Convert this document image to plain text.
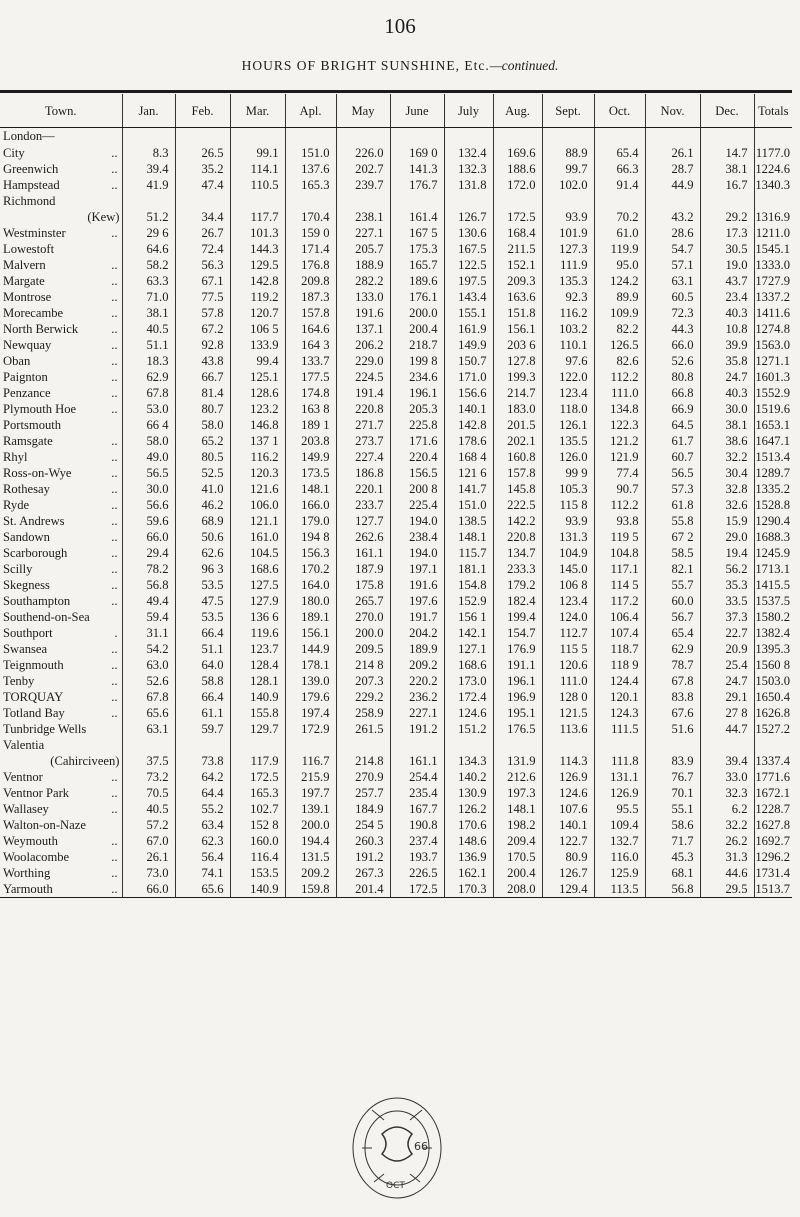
106
HOURS OF BRIGHT SUNSHINE, Etc.—continued.
Town.	Jan.	Feb.	Mar.	Apl.	May	June	July	Aug.	Sept.	Oct.	Nov.	Dec.	Totals
London—													

..
City	8.3	26.5	99.1	151.0	226.0	169 0	132.4	169.6	88.9	65.4	26.1	14.7	1177.0

..
Greenwich	39.4	35.2	114.1	137.6	202.7	141.3	132.3	188.6	99.7	66.3	28.7	38.1	1224.6

..
Hampstead	41.9	47.4	110.5	165.3	239.7	176.7	131.8	172.0	102.0	91.4	44.9	16.7	1340.3
Richmond													
(Kew)	51.2	34.4	117.7	170.4	238.1	161.4	126.7	172.5	93.9	70.2	43.2	29.2	1316.9

..
Westminster	29 6	26.7	101.3	159 0	227.1	167 5	130.6	168.4	101.9	61.0	28.6	17.3	1211.0
Lowestoft	64.6	72.4	144.3	171.4	205.7	175.3	167.5	211.5	127.3	119.9	54.7	30.5	1545.1

..
Malvern	58.2	56.3	129.5	176.8	188.9	165.7	122.5	152.1	111.9	95.0	57.1	19.0	1333.0

..
Margate	63.3	67.1	142.8	209.8	282.2	189.6	197.5	209.3	135.3	124.2	63.1	43.7	1727.9

..
Montrose	71.0	77.5	119.2	187.3	133.0	176.1	143.4	163.6	92.3	89.9	60.5	23.4	1337.2

..
Morecambe	38.1	57.8	120.7	157.8	191.6	200.0	155.1	151.8	116.2	109.9	72.3	40.3	1411.6

..
North Berwick	40.5	67.2	106 5	164.6	137.1	200.4	161.9	156.1	103.2	82.2	44.3	10.8	1274.8

..
Newquay	51.1	92.8	133.9	164 3	206.2	218.7	149.9	203 6	110.1	126.5	66.0	39.9	1563.0

..
Oban	18.3	43.8	99.4	133.7	229.0	199 8	150.7	127.8	97.6	82.6	52.6	35.8	1271.1

..
Paignton	62.9	66.7	125.1	177.5	224.5	234.6	171.0	199.3	122.0	112.2	80.8	24.7	1601.3

..
Penzance	67.8	81.4	128.6	174.8	191.4	196.1	156.6	214.7	123.4	111.0	66.8	40.3	1552.9

..
Plymouth Hoe	53.0	80.7	123.2	163 8	220.8	205.3	140.1	183.0	118.0	134.8	66.9	30.0	1519.6
Portsmouth	66 4	58.0	146.8	189 1	271.7	225.8	142.8	201.5	126.1	122.3	64.5	38.1	1653.1

..
Ramsgate	58.0	65.2	137 1	203.8	273.7	171.6	178.6	202.1	135.5	121.2	61.7	38.6	1647.1

..
Rhyl	49.0	80.5	116.2	149.9	227.4	220.4	168 4	160.8	126.0	121.9	60.7	32.2	1513.4

..
Ross-on-Wye	56.5	52.5	120.3	173.5	186.8	156.5	121 6	157.8	99 9	77.4	56.5	30.4	1289.7

..
Rothesay	30.0	41.0	121.6	148.1	220.1	200 8	141.7	145.8	105.3	90.7	57.3	32.8	1335.2

..
Ryde	56.6	46.2	106.0	166.0	233.7	225.4	151.0	222.5	115 8	112.2	61.8	32.6	1528.8

..
St. Andrews	59.6	68.9	121.1	179.0	127.7	194.0	138.5	142.2	93.9	93.8	55.8	15.9	1290.4

..
Sandown	66.0	50.6	161.0	194 8	262.6	238.4	148.1	220.8	131.3	119 5	67 2	29.0	1688.3

..
Scarborough	29.4	62.6	104.5	156.3	161.1	194.0	115.7	134.7	104.9	104.8	58.5	19.4	1245.9

..
Scilly	78.2	96 3	168.6	170.2	187.9	197.1	181.1	233.3	145.0	117.1	82.1	56.2	1713.1

..
Skegness	56.8	53.5	127.5	164.0	175.8	191.6	154.8	179.2	106 8	114 5	55.7	35.3	1415.5

..
Southampton	49.4	47.5	127.9	180.0	265.7	197.6	152.9	182.4	123.4	117.2	60.0	33.5	1537.5
Southend-on-Sea	59.4	53.5	136 6	189.1	270.0	191.7	156 1	199.4	124.0	106.4	56.7	37.3	1580.2

.
Southport	31.1	66.4	119.6	156.1	200.0	204.2	142.1	154.7	112.7	107.4	65.4	22.7	1382.4

..
Swansea	54.2	51.1	123.7	144.9	209.5	189.9	127.1	176.9	115 5	118.7	62.9	20.9	1395.3

..
Teignmouth	63.0	64.0	128.4	178.1	214 8	209.2	168.6	191.1	120.6	118 9	78.7	25.4	1560 8

..
Tenby	52.6	58.8	128.1	139.0	207.3	220.2	173.0	196.1	111.0	124.4	67.8	24.7	1503.0

..
TORQUAY	67.8	66.4	140.9	179.6	229.2	236.2	172.4	196.9	128 0	120.1	83.8	29.1	1650.4

..
Totland Bay	65.6	61.1	155.8	197.4	258.9	227.1	124.6	195.1	121.5	124.3	67.6	27 8	1626.8
Tunbridge Wells	63.1	59.7	129.7	172.9	261.5	191.2	151.2	176.5	113.6	111.5	51.6	44.7	1527.2
Valentia													
(Cahirciveen)	37.5	73.8	117.9	116.7	214.8	161.1	134.3	131.9	114.3	111.8	83.9	39.4	1337.4

..
Ventnor	73.2	64.2	172.5	215.9	270.9	254.4	140.2	212.6	126.9	131.1	76.7	33.0	1771.6

..
Ventnor Park	70.5	64.4	165.3	197.7	257.7	235.4	130.9	197.3	124.6	126.9	70.1	32.3	1672.1

..
Wallasey	40.5	55.2	102.7	139.1	184.9	167.7	126.2	148.1	107.6	95.5	55.1	6.2	1228.7
Walton-on-Naze	57.2	63.4	152 8	200.0	254 5	190.8	170.6	198.2	140.1	109.4	58.6	32.2	1627.8

..
Weymouth	67.0	62.3	160.0	194.4	260.3	237.4	148.6	209.4	122.7	132.7	71.7	26.2	1692.7

..
Woolacombe	26.1	56.4	116.4	131.5	191.2	193.7	136.9	170.5	80.9	116.0	45.3	31.3	1296.2

..
Worthing	73.0	74.1	153.5	209.2	267.3	226.5	162.1	200.4	126.7	125.9	68.1	44.6	1731.4

..
Yarmouth	66.0	65.6	140.9	159.8	201.4	172.5	170.3	208.0	129.4	113.5	56.8	29.5	1513.7
66
OCT
